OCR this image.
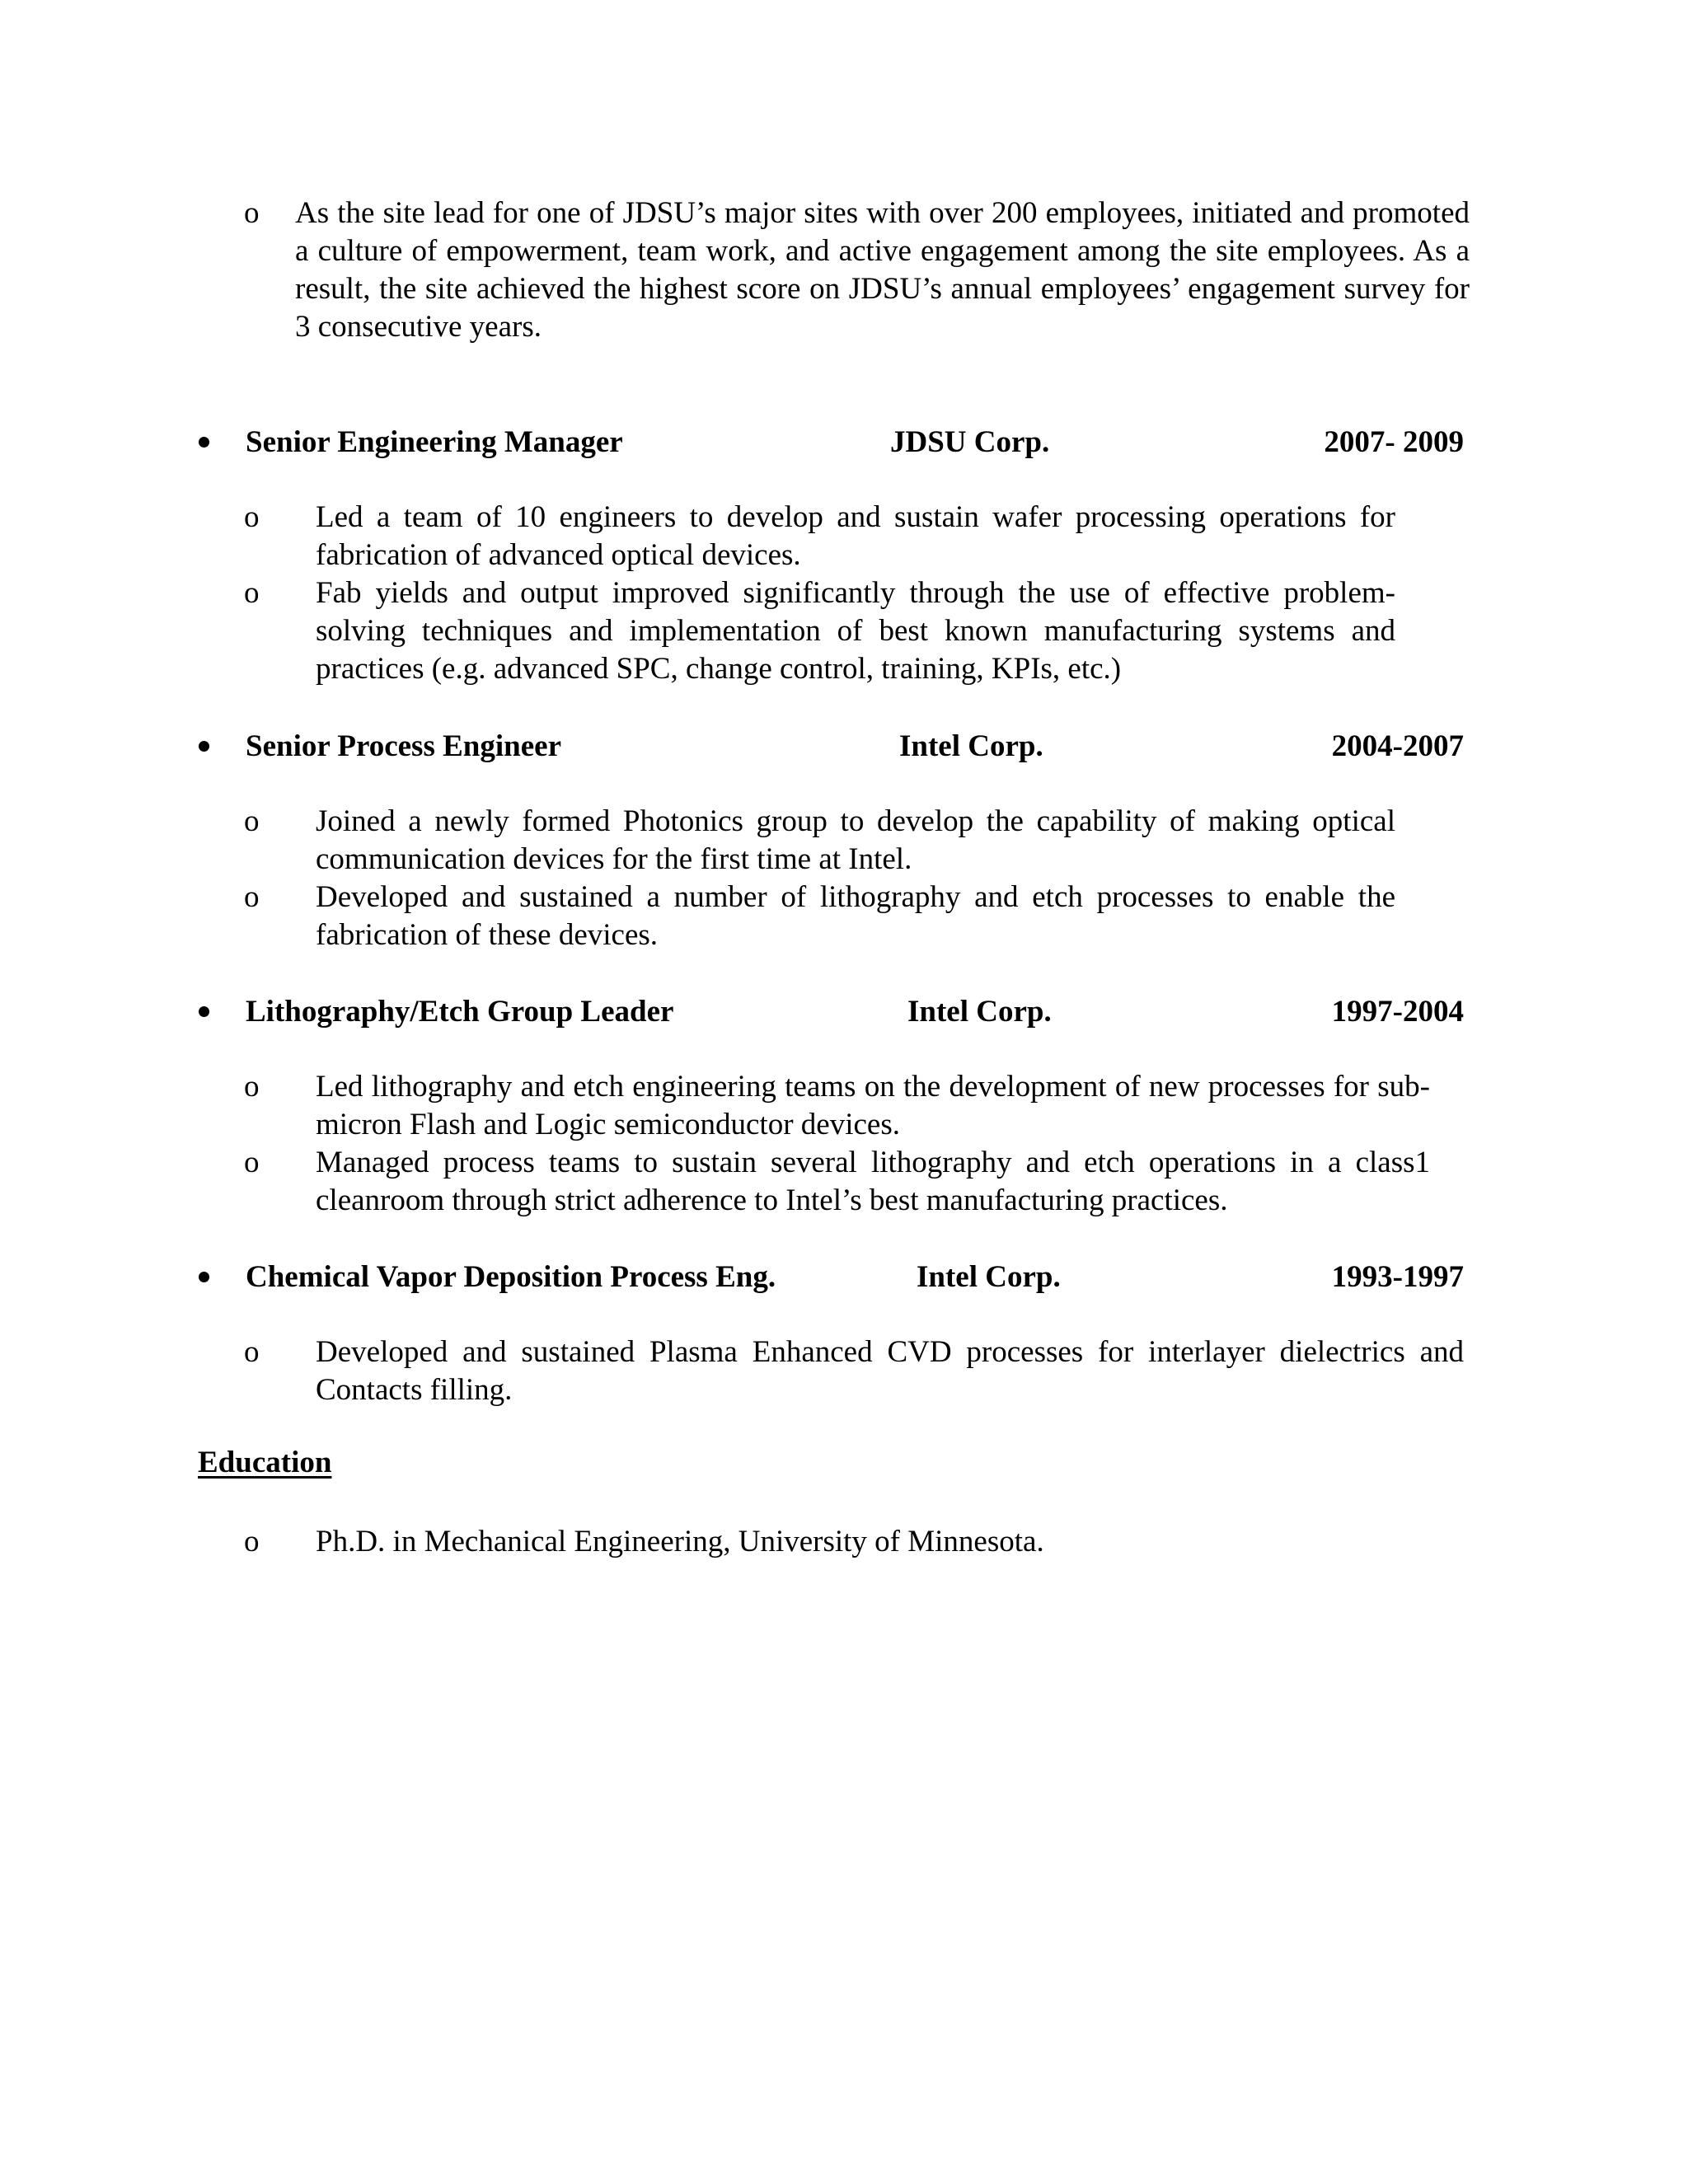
o As the site lead for one of JDSU’s major sites with over 200 employees, initiated and promoted a culture of empowerment, team work, and active engagement among the site employees. As a result, the site achieved the highest score on JDSU’s annual employees’ engagement survey for 3 consecutive years.
Senior Engineering Manager	JDSU Corp.	2007- 2009
o Led a team of 10 engineers to develop and sustain wafer processing operations for fabrication of advanced optical devices.
o Fab yields and output improved significantly through the use of effective problem-solving techniques and implementation of best known manufacturing systems and practices (e.g. advanced SPC, change control, training, KPIs, etc.)
Senior Process Engineer	Intel Corp.	2004-2007
o Joined a newly formed Photonics group to develop the capability of making optical communication devices for the first time at Intel.
o Developed and sustained a number of lithography and etch processes to enable the fabrication of these devices.
Lithography/Etch Group Leader	Intel Corp.	1997-2004
o Led lithography and etch engineering teams on the development of new processes for sub-micron Flash and Logic semiconductor devices.
o Managed process teams to sustain several lithography and etch operations in a class1 cleanroom through strict adherence to Intel’s best manufacturing practices.
Chemical Vapor Deposition Process Eng.	Intel Corp.	1993-1997
o Developed and sustained Plasma Enhanced CVD processes for interlayer dielectrics and Contacts filling.
Education
o Ph.D. in Mechanical Engineering, University of Minnesota.
